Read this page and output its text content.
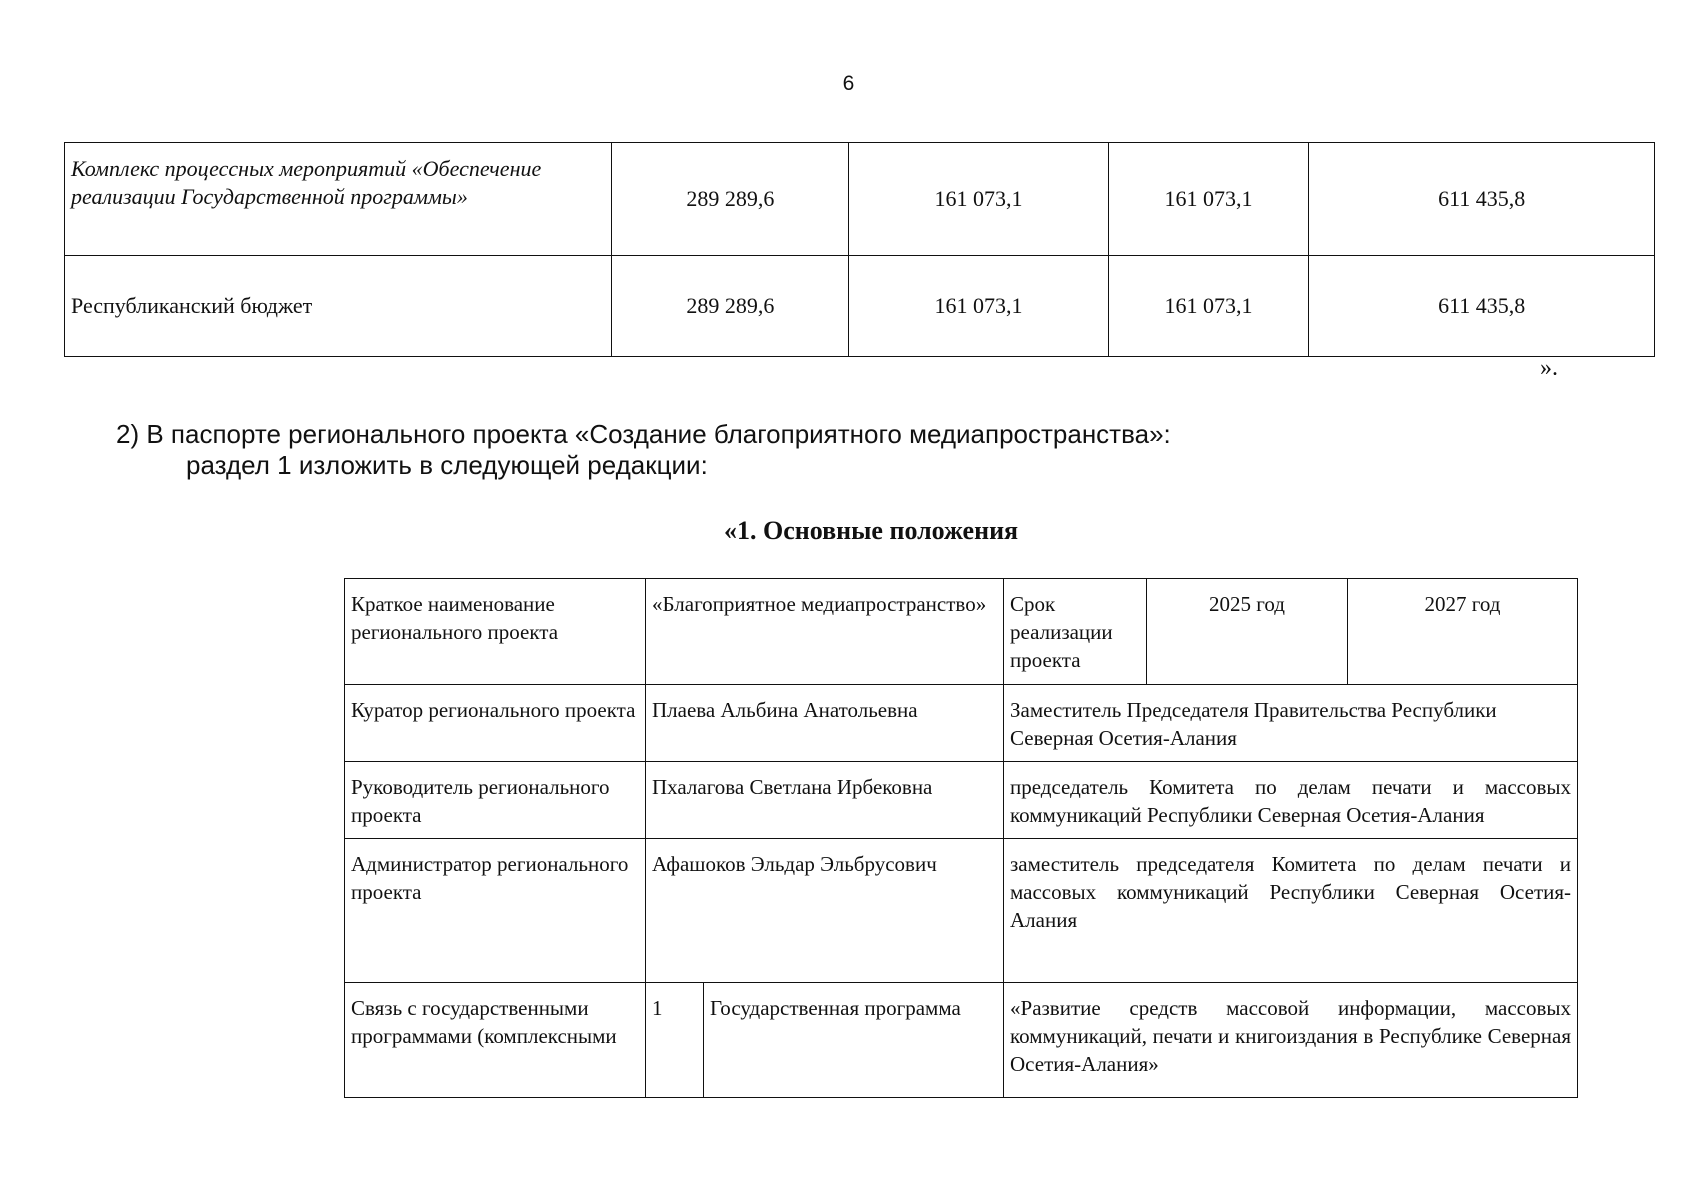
6
Комплекс процессных мероприятий «Обеспечение реализации Государственной программы»	289 289,6	161 073,1	161 073,1	611 435,8
Республиканский бюджет	289 289,6	161 073,1	161 073,1	611 435,8
».
2) В паспорте регионального проекта «Создание благоприятного медиапространства»:
раздел 1 изложить в следующей редакции:
«1. Основные положения
Краткое наименование регионального проекта	«Благоприятное медиапространство»		Срок реализации проекта	2025 год	2027 год
Куратор регионального проекта	Плаева Альбина Анатольевна		Заместитель Председателя Правительства Республики Северная Осетия-Алания		
Руководитель регионального проекта	Пхалагова Светлана Ирбековна		председатель Комитета по делам печати и массовых коммуникаций Республики Северная Осетия-Алания		
Администратор регионального проекта	Афашоков Эльдар Эльбрусович		заместитель председателя Комитета по делам печати и массовых коммуникаций Республики Северная Осетия-Алания		
Связь с государственными программами (комплексными	1	Государственная программа	«Развитие средств массовой информации, массовых коммуникаций, печати и книгоиздания в Республике Северная Осетия-Алания»		
